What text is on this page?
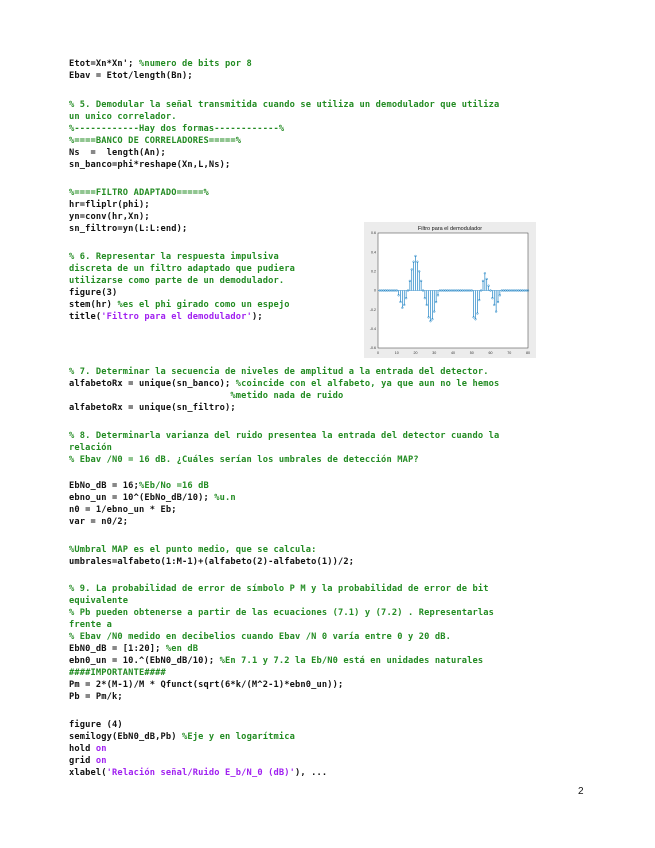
Etot=Xn*Xn'; %numero de bits por 8
Ebav = Etot/length(Bn);
% 5. Demodular la señal transmitida cuando se utiliza un demodulador que utiliza
un unico correlador.
%------------Hay dos formas------------%
%====BANCO DE CORRELADORES=====%
Ns  =  length(An);
sn_banco=phi*reshape(Xn,L,Ns);
%====FILTRO ADAPTADO=====%
hr=fliplr(phi);
yn=conv(hr,Xn);
sn_filtro=yn(L:L:end);
% 6. Representar la respuesta impulsiva
discreta de un filtro adaptado que pudiera
utilizarse como parte de un demodulador.
figure(3)
stem(hr) %es el phi girado como un espejo
title('Filtro para el demodulador');
% 7. Determinar la secuencia de niveles de amplitud a la entrada del detector.
alfabetoRx = unique(sn_banco); %coincide con el alfabeto, ya que aun no le hemos
%metido nada de ruido
alfabetoRx = unique(sn_filtro);
% 8. Determinarla varianza del ruido presentea la entrada del detector cuando la
relación
% Ebav /N0 = 16 dB. ¿Cuáles serían los umbrales de detección MAP?
EbNo_dB = 16;%Eb/No =16 dB
ebno_un = 10^(EbNo_dB/10); %u.n
n0 = 1/ebno_un * Eb;
var = n0/2;
%Umbral MAP es el punto medio, que se calcula:
umbrales=alfabeto(1:M-1)+(alfabeto(2)-alfabeto(1))/2;
% 9. La probabilidad de error de símbolo P M y la probabilidad de error de bit
equivalente
% Pb pueden obtenerse a partir de las ecuaciones (7.1) y (7.2) . Representarlas
frente a
% Ebav /N0 medido en decibelios cuando Ebav /N 0 varía entre 0 y 20 dB.
EbN0_dB = [1:20]; %en dB
ebn0_un = 10.^(EbN0_dB/10); %En 7.1 y 7.2 la Eb/N0 está en unidades naturales
####IMPORTANTE####
Pm = 2*(M-1)/M * Qfunct(sqrt(6*k/(M^2-1)*ebn0_un));
Pb = Pm/k;
figure (4)
semilogy(EbN0_dB,Pb) %Eje y en logarítmica
hold on
grid on
xlabel('Relación señal/Ruido E_b/N_0 (dB)'), ...
Filtro para el demodulador
0	10	20	30	40	50	60	70	80
0.6
0.4
0.2
0
-0.2
-0.4
-0.6
2
